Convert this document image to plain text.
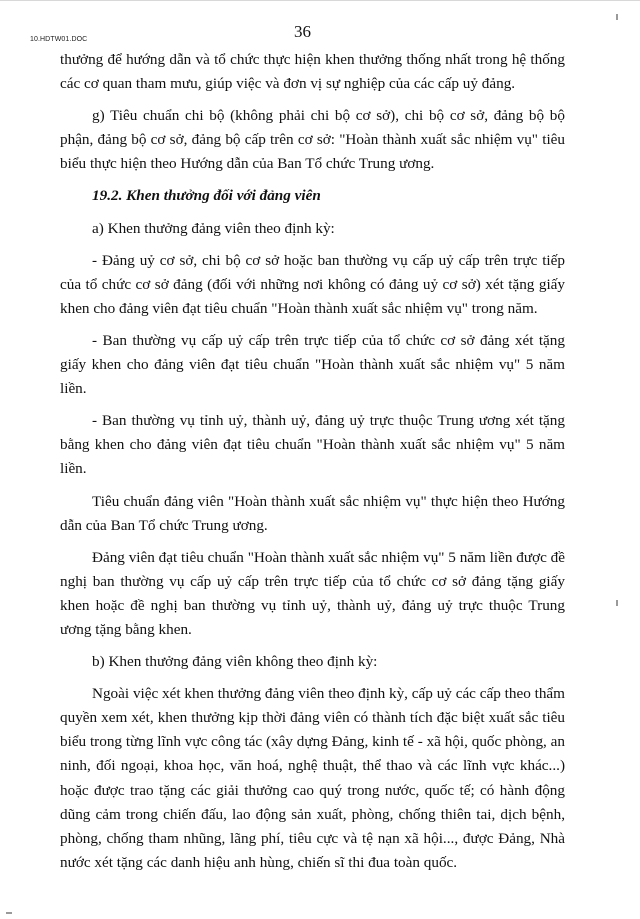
10.HDTW01.DOC	36

thưởng để hướng dẫn và tổ chức thực hiện khen thưởng thống nhất trong hệ thống các cơ quan tham mưu, giúp việc và đơn vị sự nghiệp của các cấp uỷ đảng.

g) Tiêu chuẩn chi bộ (không phải chi bộ cơ sở), chi bộ cơ sở, đảng bộ bộ phận, đảng bộ cơ sở, đảng bộ cấp trên cơ sở: "Hoàn thành xuất sắc nhiệm vụ" tiêu biểu thực hiện theo Hướng dẫn của Ban Tổ chức Trung ương.

19.2. Khen thưởng đối với đảng viên

a) Khen thưởng đảng viên theo định kỳ:

- Đảng uỷ cơ sở, chi bộ cơ sở hoặc ban thường vụ cấp uỷ cấp trên trực tiếp của tổ chức cơ sở đảng (đối với những nơi không có đảng uỷ cơ sở) xét tặng giấy khen cho đảng viên đạt tiêu chuẩn "Hoàn thành xuất sắc nhiệm vụ" trong năm.

- Ban thường vụ cấp uỷ cấp trên trực tiếp của tổ chức cơ sở đảng xét tặng giấy khen cho đảng viên đạt tiêu chuẩn "Hoàn thành xuất sắc nhiệm vụ" 5 năm liền.

- Ban thường vụ tỉnh uỷ, thành uỷ, đảng uỷ trực thuộc Trung ương xét tặng bằng khen cho đảng viên đạt tiêu chuẩn "Hoàn thành xuất sắc nhiệm vụ" 5 năm liền.

Tiêu chuẩn đảng viên "Hoàn thành xuất sắc nhiệm vụ" thực hiện theo Hướng dẫn của Ban Tổ chức Trung ương.

Đảng viên đạt tiêu chuẩn "Hoàn thành xuất sắc nhiệm vụ" 5 năm liền được đề nghị ban thường vụ cấp uỷ cấp trên trực tiếp của tổ chức cơ sở đảng tặng giấy khen hoặc đề nghị ban thường vụ tỉnh uỷ, thành uỷ, đảng uỷ trực thuộc Trung ương tặng bằng khen.

b) Khen thưởng đảng viên không theo định kỳ:

Ngoài việc xét khen thưởng đảng viên theo định kỳ, cấp uỷ các cấp theo thẩm quyền xem xét, khen thưởng kịp thời đảng viên có thành tích đặc biệt xuất sắc tiêu biểu trong từng lĩnh vực công tác (xây dựng Đảng, kinh tế - xã hội, quốc phòng, an ninh, đối ngoại, khoa học, văn hoá, nghệ thuật, thể thao và các lĩnh vực khác...) hoặc được trao tặng các giải thưởng cao quý trong nước, quốc tế; có hành động dũng cảm trong chiến đấu, lao động sản xuất, phòng, chống thiên tai, dịch bệnh, phòng, chống tham nhũng, lãng phí, tiêu cực và tệ nạn xã hội..., được Đảng, Nhà nước xét tặng các danh hiệu anh hùng, chiến sĩ thi đua toàn quốc.
